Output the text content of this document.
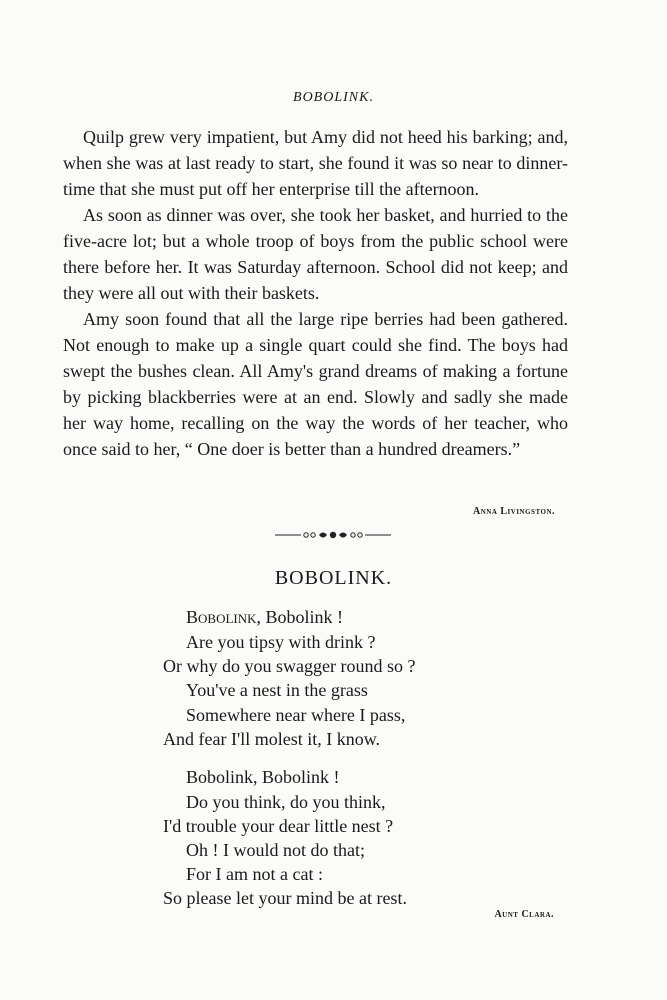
BOBOLINK.

Quilp grew very impatient, but Amy did not heed his barking; and, when she was at last ready to start, she found it was so near to dinner-time that she must put off her enterprise till the afternoon.

As soon as dinner was over, she took her basket, and hurried to the five-acre lot; but a whole troop of boys from the public school were there before her. It was Saturday afternoon. School did not keep; and they were all out with their baskets.

Amy soon found that all the large ripe berries had been gathered. Not enough to make up a single quart could she find. The boys had swept the bushes clean. All Amy's grand dreams of making a fortune by picking blackberries were at an end. Slowly and sadly she made her way home, recalling on the way the words of her teacher, who once said to her, “ One doer is better than a hundred dreamers.”

Anna Livingston.
BOBOLINK.
Bobolink, Bobolink !
Are you tipsy with drink ?
Or why do you swagger round so ?
You've a nest in the grass
Somewhere near where I pass,
And fear I'll molest it, I know.
Bobolink, Bobolink !
Do you think, do you think,
I'd trouble your dear little nest ?
Oh ! I would not do that;
For I am not a cat :
So please let your mind be at rest.
Aunt Clara.
